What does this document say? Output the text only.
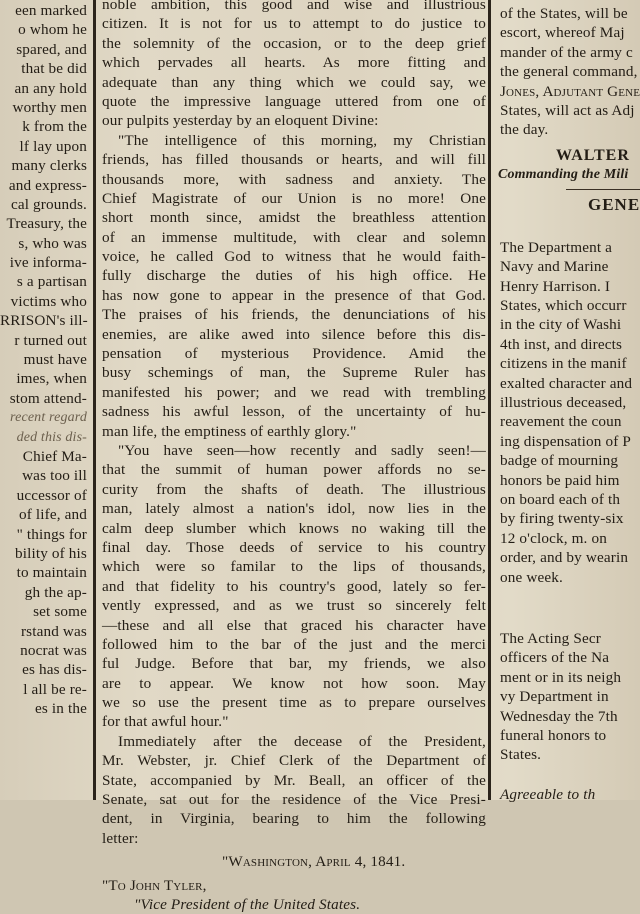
een marked
o whom he
spared, and
that be did
an any hold
worthy men
k from the
lf lay upon
many clerks
and express-
cal grounds.
Treasury, the
s, who was
ive informa-
s a partisan
victims who
RRISON's ill-
r turned out
must have
imes, when
stom attend-
recent regard
ded this dis-
Chief Ma-
was too ill
uccessor of
of life, and
" things for
bility of his
to maintain
gh the ap-
set some
rstand was
nocrat was
es has dis-
l all be re-
es in the
noble ambition, this good and wise and illustrious
citizen. It is not for us to attempt to do justice to
the solemnity of the occasion, or to the deep grief
which pervades all hearts. As more fitting and
adequate than any thing which we could say, we
quote the impressive language uttered from one of
our pulpits yesterday by an eloquent Divine:
"The intelligence of this morning, my Christian
friends, has filled thousands or hearts, and will fill
thousands more, with sadness and anxiety. The
Chief Magistrate of our Union is no more! One
short month since, amidst the breathless attention
of an immense multitude, with clear and solemn
voice, he called God to witness that he would faith-
fully discharge the duties of his high office. He
has now gone to appear in the presence of that God.
The praises of his friends, the denunciations of his
enemies, are alike awed into silence before this dis-
pensation of mysterious Providence. Amid the
busy schemings of man, the Supreme Ruler has
manifested his power; and we read with trembling
sadness his awful lesson, of the uncertainty of hu-
man life, the emptiness of earthly glory."
"You have seen—how recently and sadly seen!—
that the summit of human power affords no se-
curity from the shafts of death. The illustrious
man, lately almost a nation's idol, now lies in the
calm deep slumber which knows no waking till the
final day. Those deeds of service to his country
which were so familar to the lips of thousands,
and that fidelity to his country's good, lately so fer-
vently expressed, and as we trust so sincerely felt
—these and all else that graced his character have
followed him to the bar of the just and the merci
ful Judge. Before that bar, my friends, we also
are to appear. We know not how soon. May
we so use the present time as to prepare ourselves
for that awful hour."
Immediately after the decease of the President,
Mr. Webster, jr. Chief Clerk of the Department of
State, accompanied by Mr. Beall, an officer of the
Senate, sat out for the residence of the Vice Presi-
dent, in Virginia, bearing to him the following
letter:
"Washington, April 4, 1841.
"To John Tyler,
"Vice President of the United States.
of the States, will be
escort, whereof Maj
mander of the army c
the general command,
Jones, Adjutant Gene
States, will act as Adj
the day.
WALTER
Commanding the Mili
GENE
The Department a
Navy and Marine
Henry Harrison. I
States, which occurr
in the city of Washi
4th inst, and directs
citizens in the manif
exalted character and
illustrious deceased,
reavement the coun
ing dispensation of P
badge of mourning
honors be paid him
on board each of th
by firing twenty-six
12 o'clock, m. on
order, and by wearin
one week.
The Acting Secr
officers of the Na
ment or in its neigh
vy Department in
Wednesday the 7th
funeral honors to
States.
Agreeable to th
